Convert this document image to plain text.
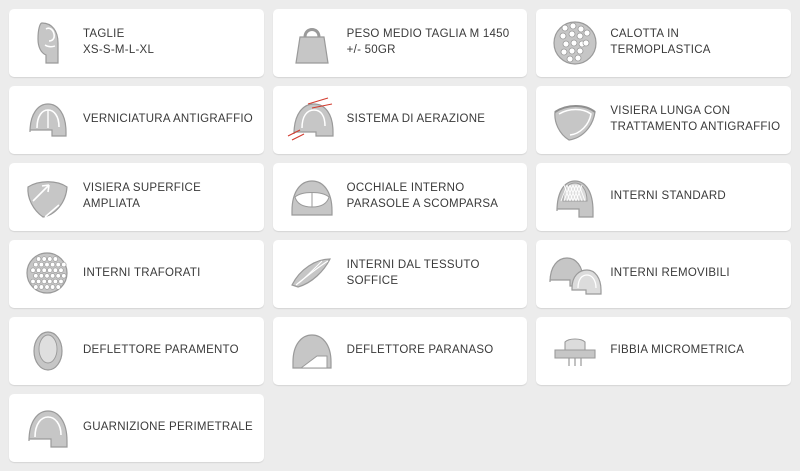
TAGLIE
XS-S-M-L-XL
PESO MEDIO TAGLIA M 1450 +/- 50GR
CALOTTA IN TERMOPLASTICA
VERNICIATURA ANTIGRAFFIO	SISTEMA DI AERAZIONE
VISIERA LUNGA CON TRATTAMENTO ANTIGRAFFIO
VISIERA SUPERFICE AMPLIATA
OCCHIALE INTERNO PARASOLE A SCOMPARSA
INTERNI STANDARD
INTERNI TRAFORATI
INTERNI DAL TESSUTO SOFFICE
INTERNI REMOVIBILI
DEFLETTORE PARAMENTO	DEFLETTORE PARANASO	FIBBIA MICROMETRICA
GUARNIZIONE PERIMETRALE
